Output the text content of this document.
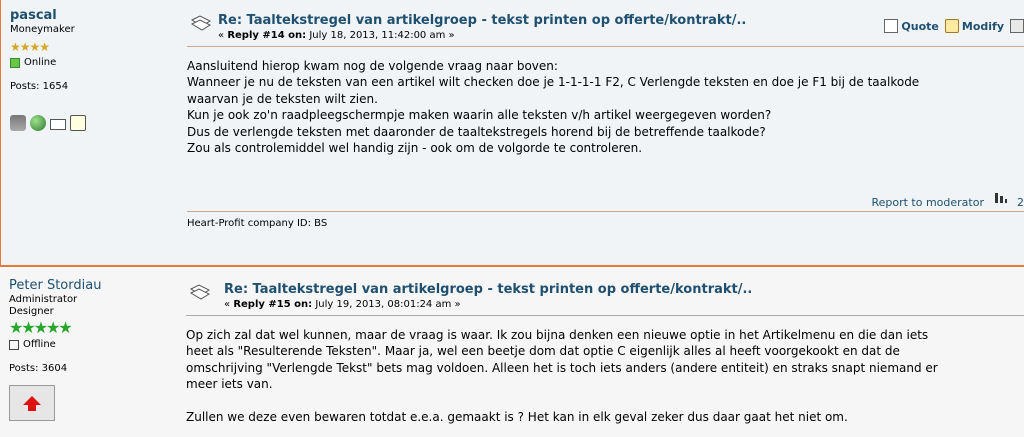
pascal
Moneymaker
★★★★
Online
Posts: 1654
Re: Taaltekstregel van artikelgroep - tekst printen op offerte/kontrakt/..
« Reply #14 on: July 18, 2013, 11:42:00 am »
Quote Modify

Aansluitend hierop kwam nog de volgende vraag naar boven:
Wanneer je nu de teksten van een artikel wilt checken doe je 1-1-1-1 F2, C Verlengde teksten en doe je F1 bij de taalkode
waarvan je de teksten wilt zien.
Kun je ook zo'n raadpleegschermpje maken waarin alle teksten v/h artikel weergegeven worden?
Dus de verlengde teksten met daaronder de taaltekstregels horend bij de betreffende taalkode?
Zou als controlemiddel wel handig zijn - ook om de volgorde te controleren.

Report to moderator	2
Heart-Profit company ID: BS
Peter Stordiau
Administrator
Designer
★★★★★
Offline
Posts: 3604
Re: Taaltekstregel van artikelgroep - tekst printen op offerte/kontrakt/..
« Reply #15 on: July 19, 2013, 08:01:24 am »

Op zich zal dat wel kunnen, maar de vraag is waar. Ik zou bijna denken een nieuwe optie in het Artikelmenu en die dan iets
heet als "Resulterende Teksten". Maar ja, wel een beetje dom dat optie C eigenlijk alles al heeft voorgekookt en dat de
omschrijving "Verlengde Tekst" bets mag voldoen. Alleen het is toch iets anders (andere entiteit) en straks snapt niemand er
meer iets van.

Zullen we deze even bewaren totdat e.e.a. gemaakt is ? Het kan in elk geval zeker dus daar gaat het niet om.
